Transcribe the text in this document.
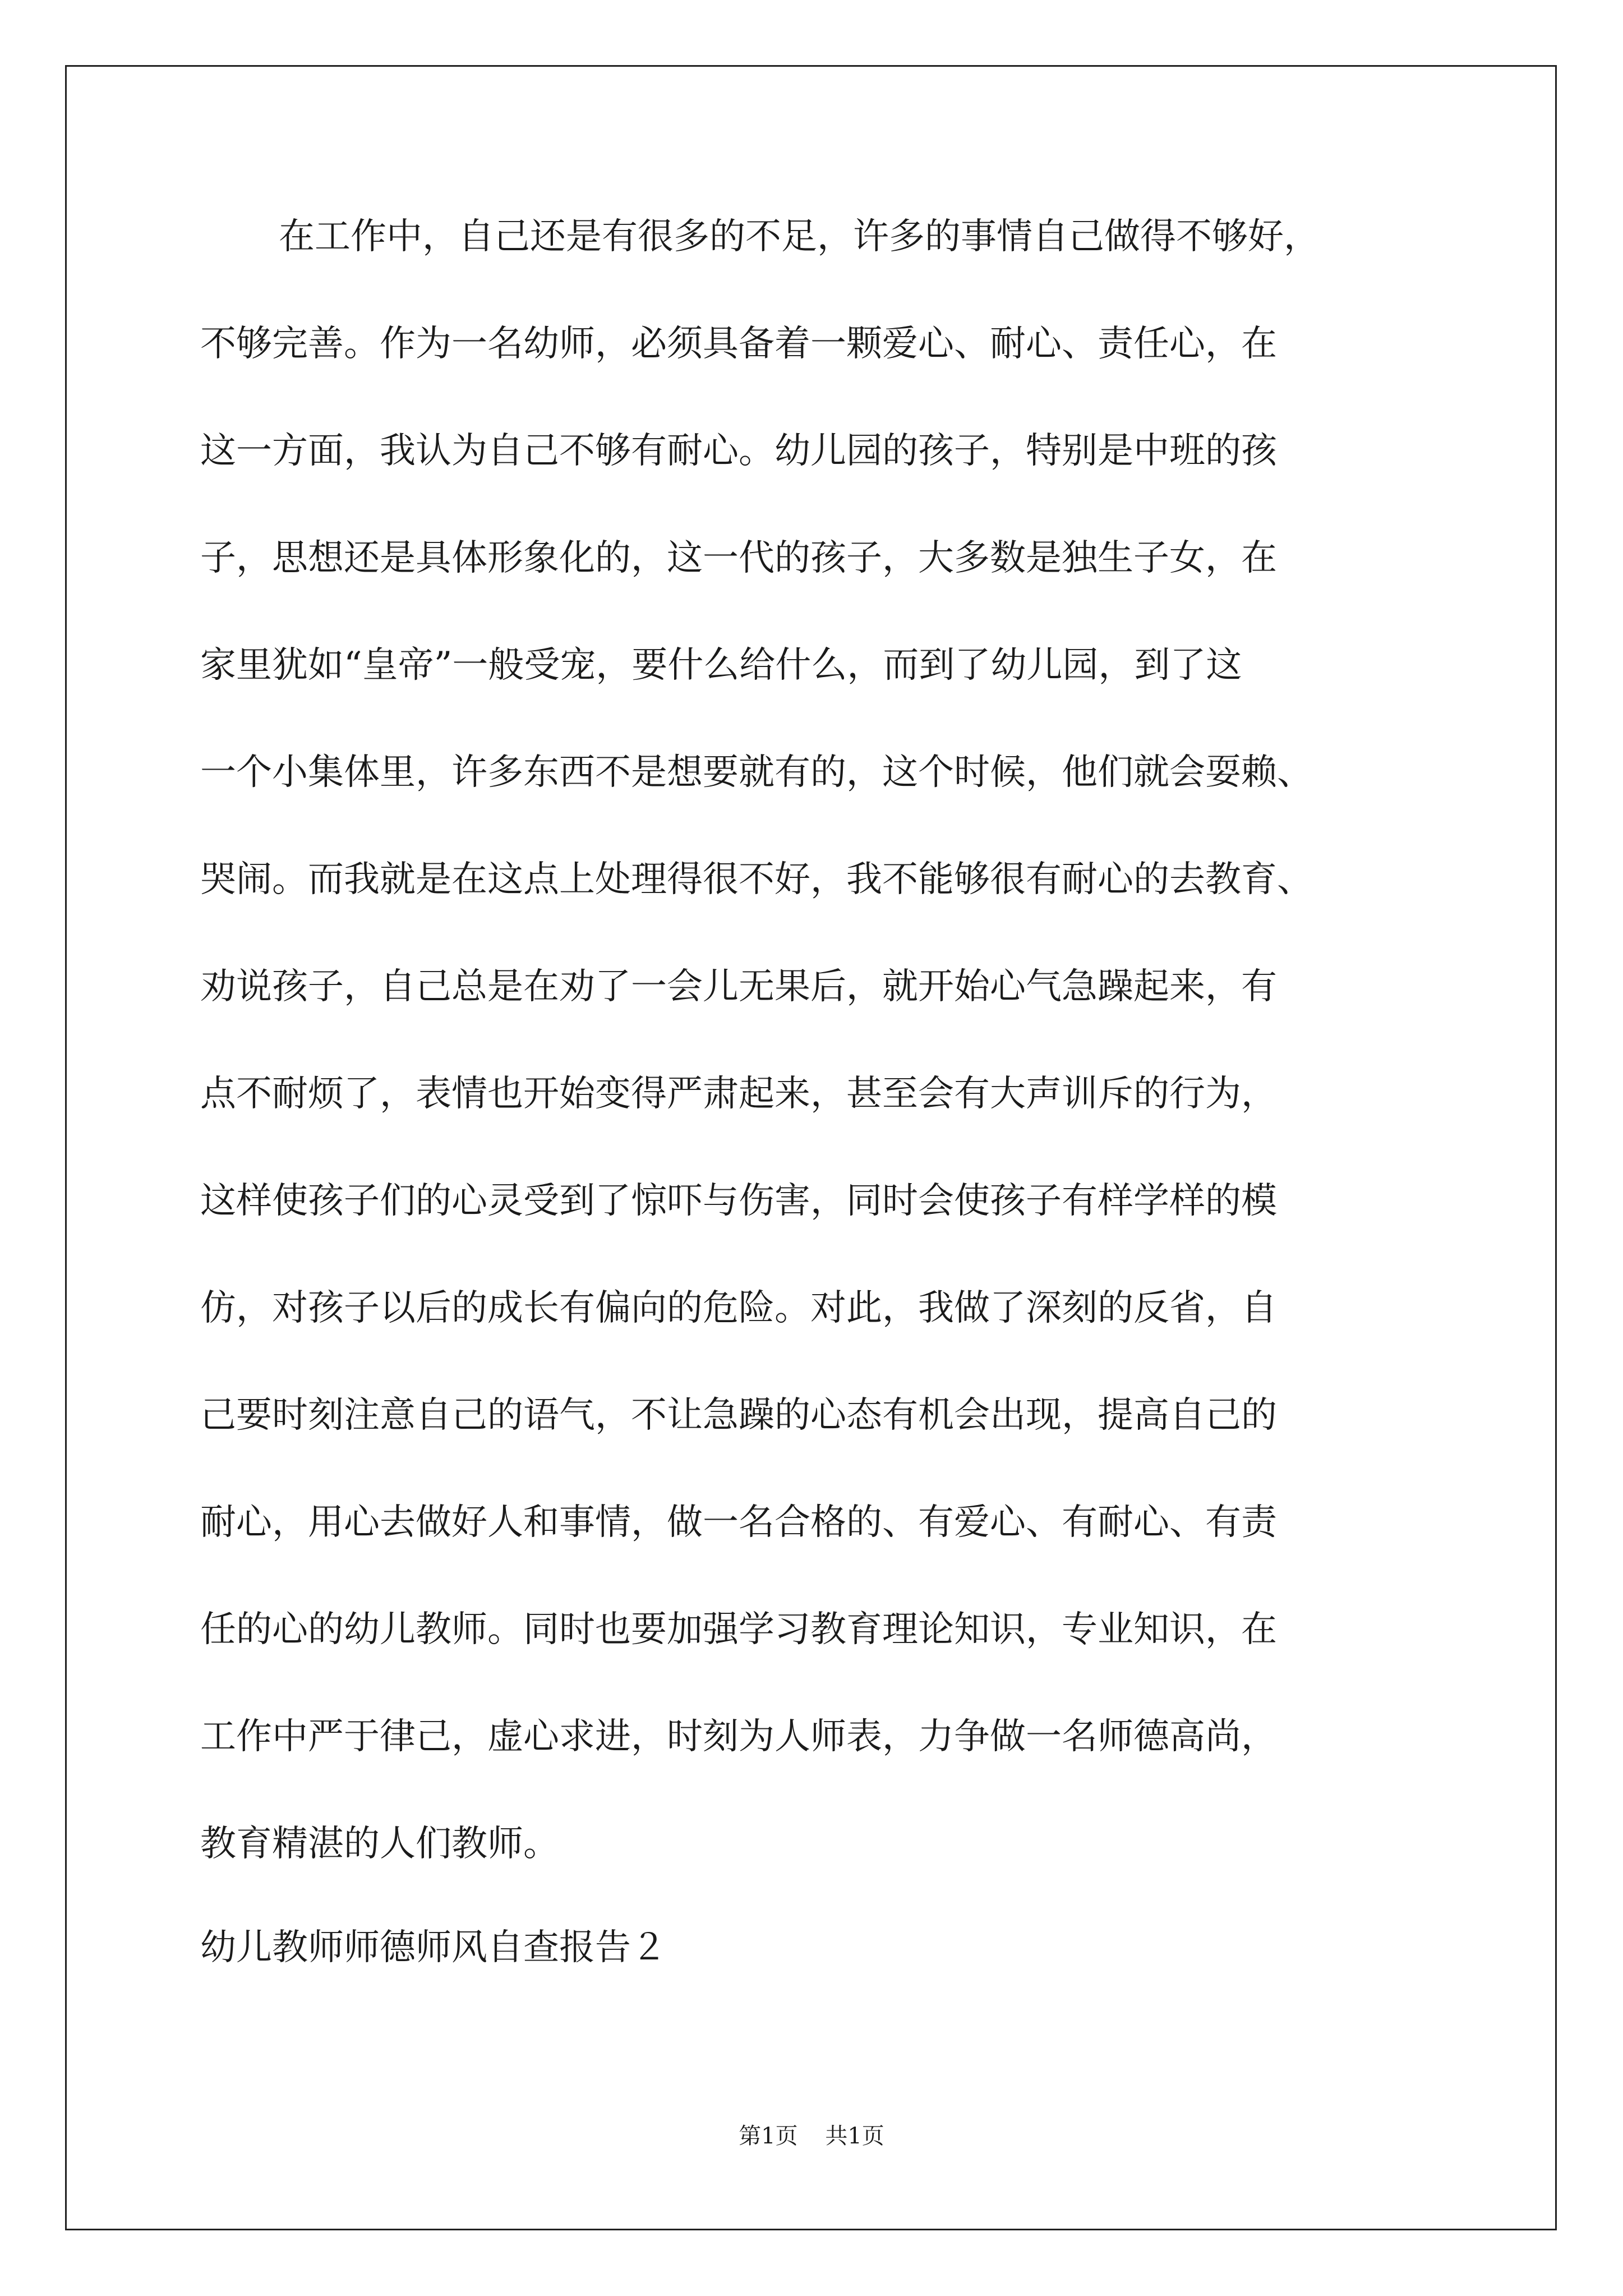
在工作中，自己还是有很多的不足，许多的事情自己做得不够好，
不够完善。作为一名幼师，必须具备着一颗爱心、耐心、责任心，在
这一方面，我认为自己不够有耐心。幼儿园的孩子，特别是中班的孩
子，思想还是具体形象化的，这一代的孩子，大多数是独生子女，在
家里犹如“皇帝”一般受宠，要什么给什么，而到了幼儿园，到了这
一个小集体里，许多东西不是想要就有的，这个时候，他们就会耍赖、
哭闹。而我就是在这点上处理得很不好，我不能够很有耐心的去教育、
劝说孩子，自己总是在劝了一会儿无果后，就开始心气急躁起来，有
点不耐烦了，表情也开始变得严肃起来，甚至会有大声训斥的行为，
这样使孩子们的心灵受到了惊吓与伤害，同时会使孩子有样学样的模
仿，对孩子以后的成长有偏向的危险。对此，我做了深刻的反省，自
己要时刻注意自己的语气，不让急躁的心态有机会出现，提高自己的
耐心，用心去做好人和事情，做一名合格的、有爱心、有耐心、有责
任的心的幼儿教师。同时也要加强学习教育理论知识，专业知识，在
工作中严于律己，虚心求进，时刻为人师表，力争做一名师德高尚，
教育精湛的人们教师。
幼儿教师师德师风自查报告２
第1页 共1页
